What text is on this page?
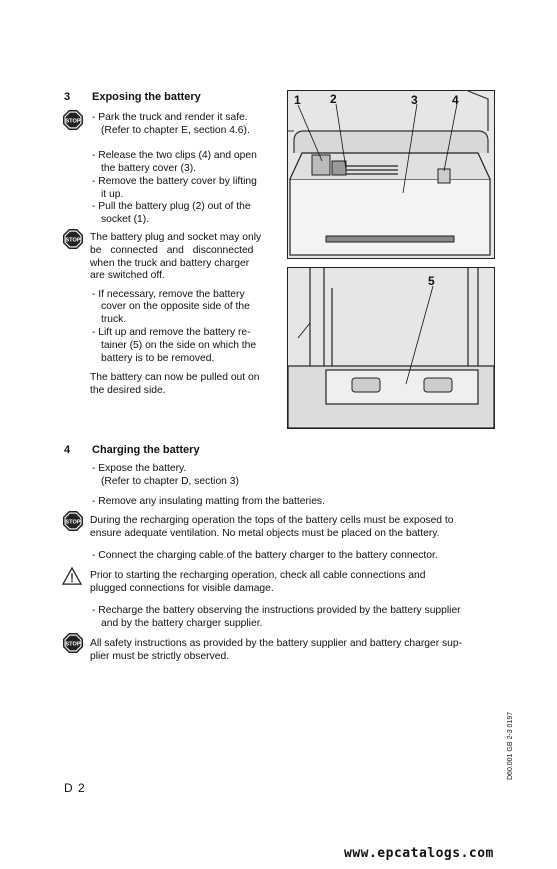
3 Exposing the battery
STOP - Park the truck and render it safe.
(Refer to chapter E, section 4.6).
- Release the two clips (4) and open
the battery cover (3).
- Remove the battery cover by lifting
it up.
- Pull the battery plug (2) out of the
socket (1).
STOP The battery plug and socket may only
be connected and disconnected
when the truck and battery charger
are switched off.
- If necessary, remove the battery
cover on the opposite side of the
truck.
- Lift up and remove the battery re-
tainer (5) on the side on which the
battery is to be removed.
The battery can now be pulled out on
the desired side.
1 2	3	4
5
4 Charging the battery
- Expose the battery.
(Refer to chapter D, section 3)
- Remove any insulating matting from the batteries.
STOP During the recharging operation the tops of the battery cells must be exposed to
ensure adequate ventilation. No metal objects must be placed on the battery.
- Connect the charging cable of the battery charger to the battery connector.
Prior to starting the recharging operation, check all cable connections and
plugged connections for visible damage.
- Recharge the battery observing the instructions provided by the battery supplier
and by the battery charger supplier.
STOP All safety instructions as provided by the battery supplier and battery charger sup-
plier must be strictly observed.
D60.001 GB 2-3 0197
D 2
www.epcatalogs.com
